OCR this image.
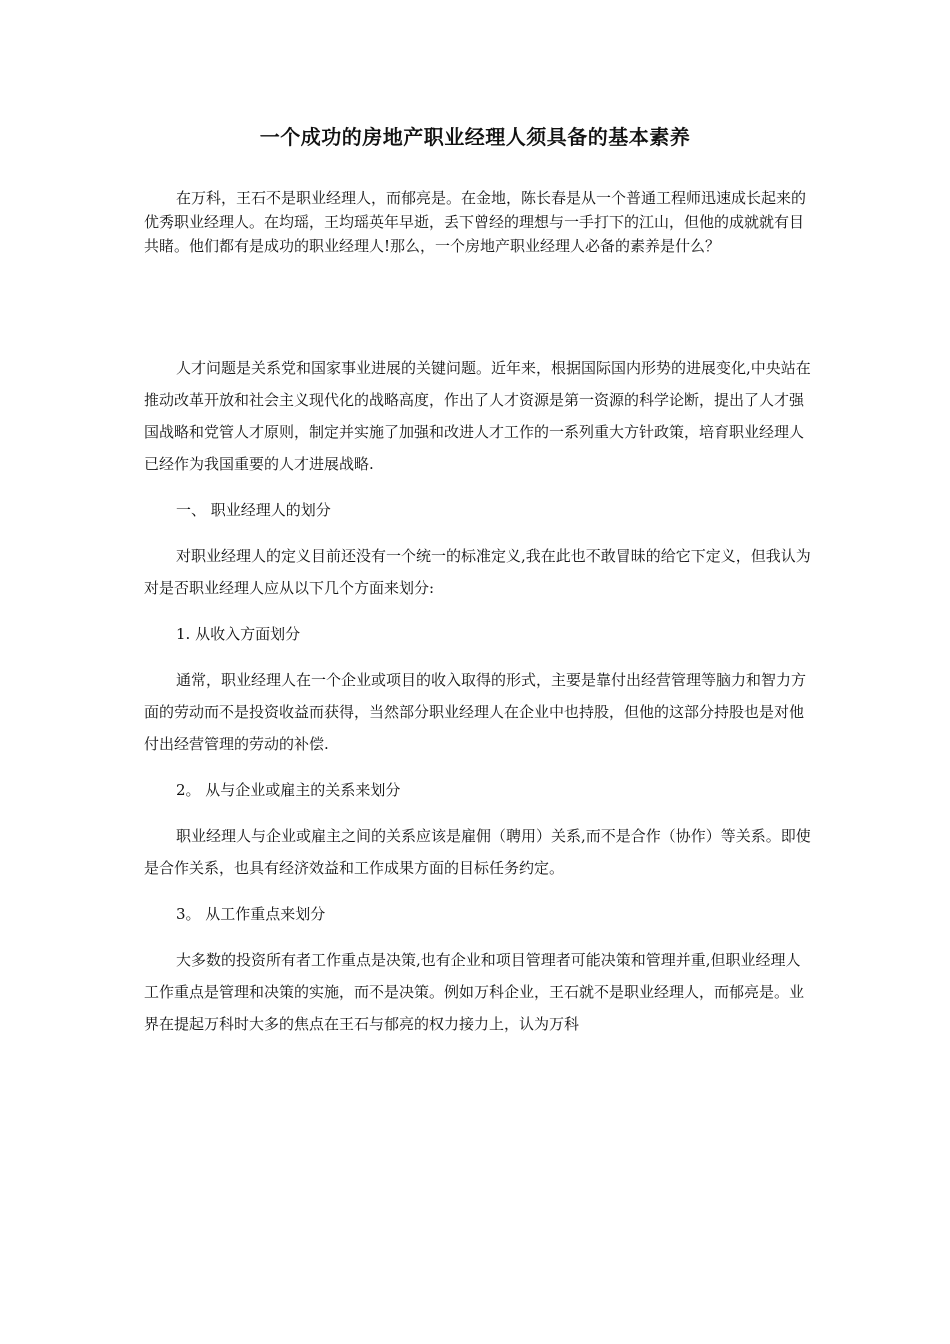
一个成功的房地产职业经理人须具备的基本素养

在万科，王石不是职业经理人，而郁亮是。在金地，陈长春是从一个普通工程师迅速成长起来的优秀职业经理人。在均瑶，王均瑶英年早逝，丢下曾经的理想与一手打下的江山，但他的成就就有目共睹。他们都有是成功的职业经理人!那么，一个房地产职业经理人必备的素养是什么？

人才问题是关系党和国家事业进展的关键问题。近年来，根据国际国内形势的进展变化,中央站在推动改革开放和社会主义现代化的战略高度，作出了人才资源是第一资源的科学论断，提出了人才强国战略和党管人才原则，制定并实施了加强和改进人才工作的一系列重大方针政策，培育职业经理人已经作为我国重要的人才进展战略.

一、 职业经理人的划分

对职业经理人的定义目前还没有一个统一的标准定义,我在此也不敢冒昧的给它下定义，但我认为对是否职业经理人应从以下几个方面来划分:

1. 从收入方面划分

通常，职业经理人在一个企业或项目的收入取得的形式，主要是靠付出经营管理等脑力和智力方面的劳动而不是投资收益而获得，当然部分职业经理人在企业中也持股，但他的这部分持股也是对他付出经营管理的劳动的补偿.

2。 从与企业或雇主的关系来划分

职业经理人与企业或雇主之间的关系应该是雇佣（聘用）关系,而不是合作（协作）等关系。即使是合作关系，也具有经济效益和工作成果方面的目标任务约定。

3。 从工作重点来划分

大多数的投资所有者工作重点是决策,也有企业和项目管理者可能决策和管理并重,但职业经理人工作重点是管理和决策的实施，而不是决策。例如万科企业，王石就不是职业经理人，而郁亮是。业界在提起万科时大多的焦点在王石与郁亮的权力接力上，认为万科
